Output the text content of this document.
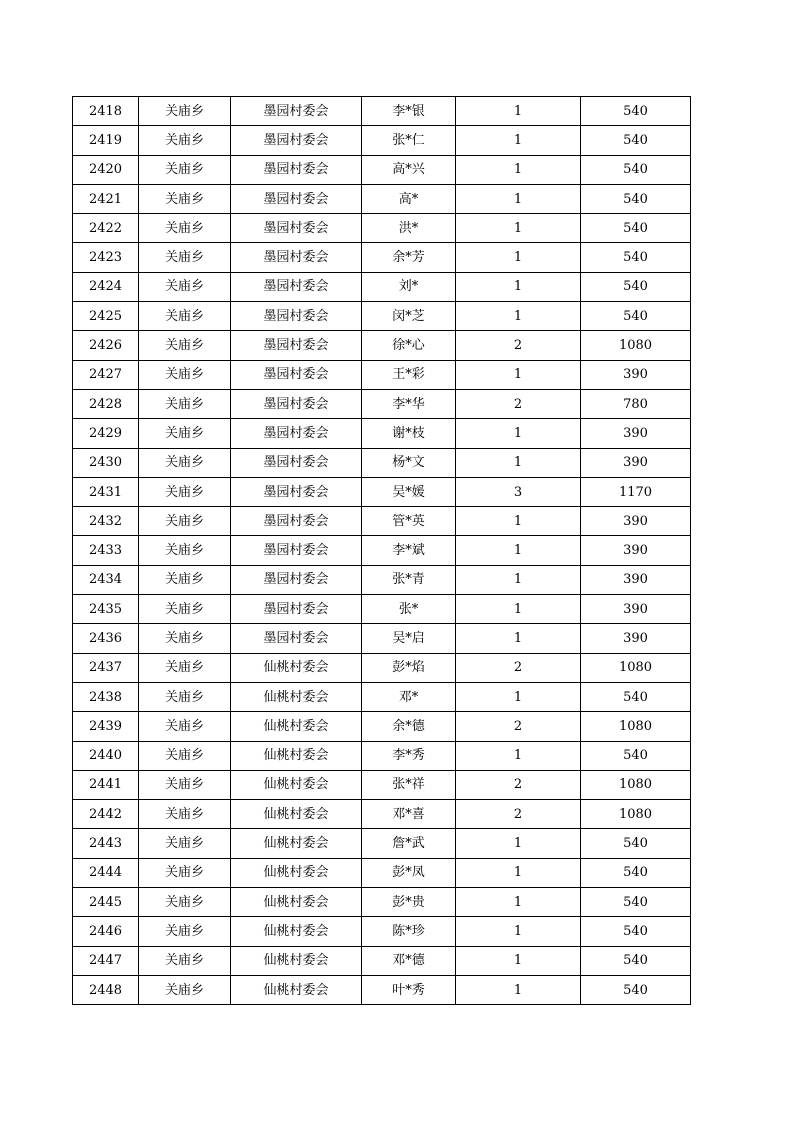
2418	关庙乡	墨园村委会	李*银	1	540
2419	关庙乡	墨园村委会	张*仁	1	540
2420	关庙乡	墨园村委会	高*兴	1	540
2421	关庙乡	墨园村委会	高*	1	540
2422	关庙乡	墨园村委会	洪*	1	540
2423	关庙乡	墨园村委会	余*芳	1	540
2424	关庙乡	墨园村委会	刘*	1	540
2425	关庙乡	墨园村委会	闵*芝	1	540
2426	关庙乡	墨园村委会	徐*心	2	1080
2427	关庙乡	墨园村委会	王*彩	1	390
2428	关庙乡	墨园村委会	李*华	2	780
2429	关庙乡	墨园村委会	谢*枝	1	390
2430	关庙乡	墨园村委会	杨*文	1	390
2431	关庙乡	墨园村委会	吴*媛	3	1170
2432	关庙乡	墨园村委会	管*英	1	390
2433	关庙乡	墨园村委会	李*斌	1	390
2434	关庙乡	墨园村委会	张*青	1	390
2435	关庙乡	墨园村委会	张*	1	390
2436	关庙乡	墨园村委会	吴*启	1	390
2437	关庙乡	仙桃村委会	彭*焰	2	1080
2438	关庙乡	仙桃村委会	邓*	1	540
2439	关庙乡	仙桃村委会	余*德	2	1080
2440	关庙乡	仙桃村委会	李*秀	1	540
2441	关庙乡	仙桃村委会	张*祥	2	1080
2442	关庙乡	仙桃村委会	邓*喜	2	1080
2443	关庙乡	仙桃村委会	詹*武	1	540
2444	关庙乡	仙桃村委会	彭*凤	1	540
2445	关庙乡	仙桃村委会	彭*贵	1	540
2446	关庙乡	仙桃村委会	陈*珍	1	540
2447	关庙乡	仙桃村委会	邓*德	1	540
2448	关庙乡	仙桃村委会	叶*秀	1	540
